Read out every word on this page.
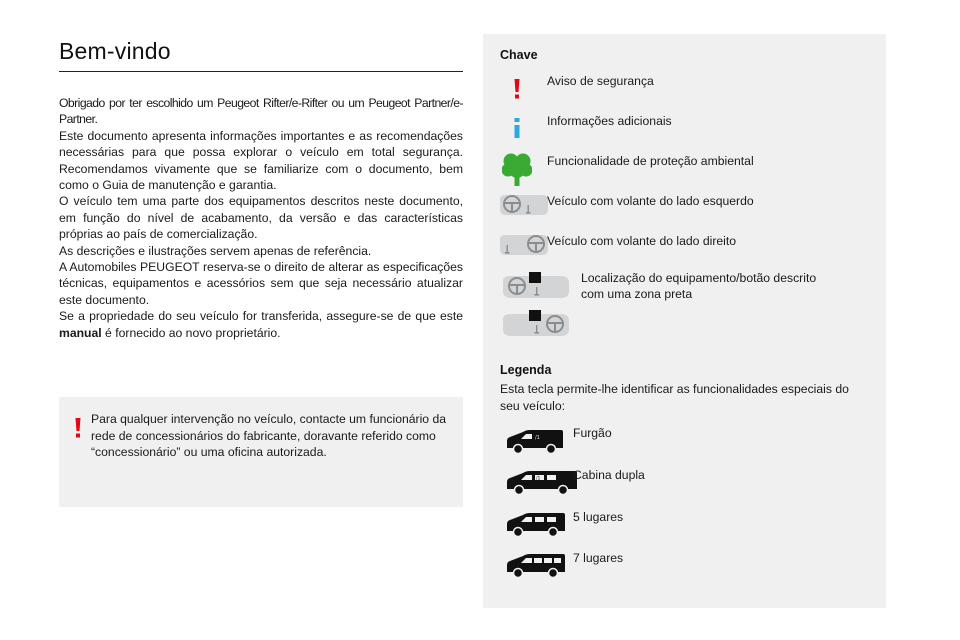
Bem-vindo

Obrigado por ter escolhido um Peugeot Rifter/e-Rifter ou um Peugeot Partner/e-Partner.

Este documento apresenta informações importantes e as recomendações necessárias para que possa explorar o veículo em total segurança. Recomendamos vivamente que se familiarize com o documento, bem como o Guia de manutenção e garantia.

O veículo tem uma parte dos equipamentos descritos neste documento, em função do nível de acabamento, da versão e das características próprias ao país de comercialização.

As descrições e ilustrações servem apenas de referência.

A Automobiles PEUGEOT reserva-se o direito de alterar as especificações técnicas, equipamentos e acessórios sem que seja necessário atualizar este documento.

Se a propriedade do seu veículo for transferida, assegure-se de que este manual é fornecido ao novo proprietário.

Para qualquer intervenção no veículo, contacte um funcionário da rede de concessionários do fabricante, doravante referido como “concessionário” ou uma oficina autorizada.
Chave
Aviso de segurança
Informações adicionais
Funcionalidade de proteção ambiental
Veículo com volante do lado esquerdo
Veículo com volante do lado direito
Localização do equipamento/botão descrito com uma zona preta
Legenda
Esta tecla permite-lhe identificar as funcionalidades especiais do seu veículo:
/1	Furgão
/1	Cabina dupla
5 lugares
7 lugares
